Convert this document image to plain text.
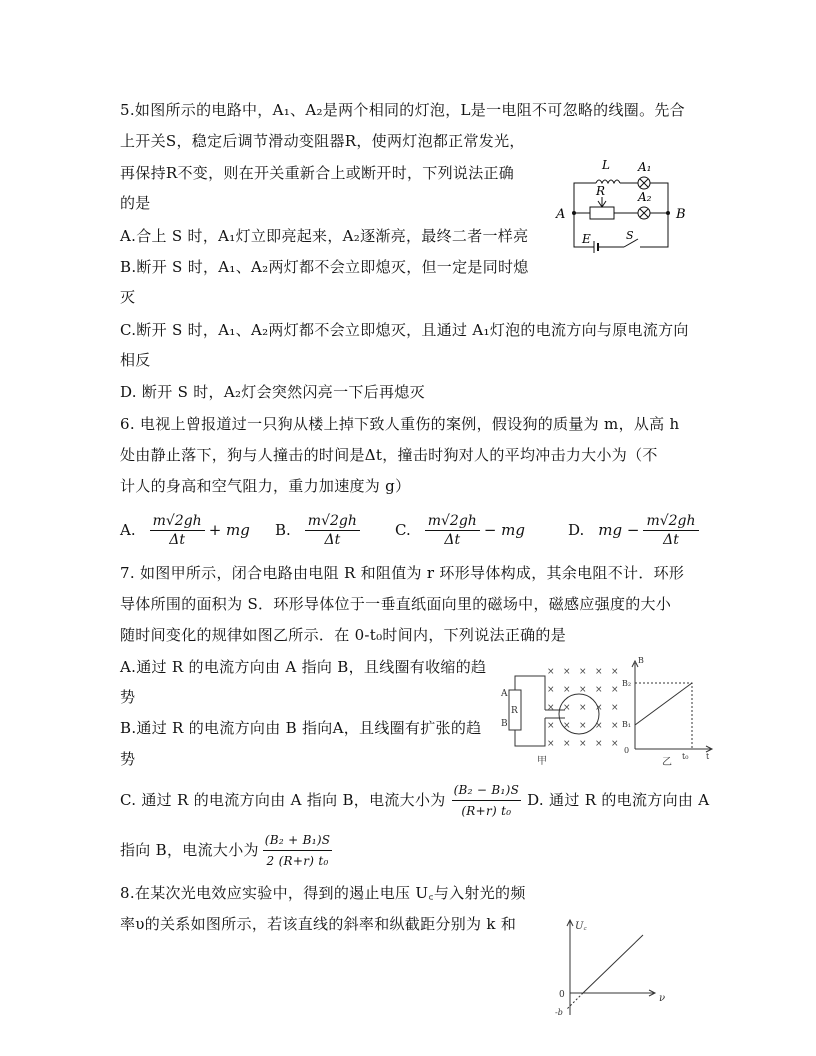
5.如图所示的电路中，A₁、A₂是两个相同的灯泡，L是一电阻不可忽略的线圈。先合
上开关S，稳定后调节滑动变阻器R，使两灯泡都正常发光，
再保持R不变，则在开关重新合上或断开时，下列说法正确
的是
A.合上 S 时，A₁灯立即亮起来，A₂逐渐亮，最终二者一样亮
B.断开 S 时，A₁、A₂两灯都不会立即熄灭，但一定是同时熄
灭
C.断开 S 时，A₁、A₂两灯都不会立即熄灭，且通过 A₁灯泡的电流方向与原电流方向
相反
D. 断开 S 时，A₂灯会突然闪亮一下后再熄灭
L A₁
R	A₂
A	B
E	S
6. 电视上曾报道过一只狗从楼上掉下致人重伤的案例，假设狗的质量为 m，从高 h
处由静止落下，狗与人撞击的时间是Δt，撞击时狗对人的平均冲击力大小为（不
计人的身高和空气阻力，重力加速度为 g）
A. $\frac{m√2gh}{\Delta t}$ + mg B. $\frac{m√2gh}{\Delta t} C$. $\frac{m√2gh}{\Delta t}$ − mg	D. mg − $\frac{m√2gh}{\Delta t}$
7. 如图甲所示，闭合电路由电阻 R 和阻值为 r 环形导体构成，其余电阻不计．环形
导体所围的面积为 S．环形导体位于一垂直纸面向里的磁场中，磁感应强度的大小
随时间变化的规律如图乙所示．在 0-t₀时间内，下列说法正确的是
A.通过 R 的电流方向由 A 指向 B，且线圈有收缩的趋
势
B.通过 R 的电流方向由 B 指向A，且线圈有扩张的趋
势
C. 通过 R 的电流方向由 A 指向 B，电流大小为 $\frac{\text{(B₂ − B₁)S}}{\text{(R+r) t₀}} D$. 通过 R 的电流方向由 A
指向 B，电流大小为 $\frac{\text{(B₂ + B₁)S}}{\text{2 (R+r) t₀}}$
×
×
×
×
×
×
×
×
×
×
×
×
×
×
×
×
×
×
×
×
×
×
×
×
×
A
B
R
甲
B
B₂
B₁
0
t₀ t
乙
8.在某次光电效应实验中，得到的遏止电压 U꜀与入射光的频
率υ的关系如图所示，若该直线的斜率和纵截距分别为 k 和	U꜀
0	ν
-b
